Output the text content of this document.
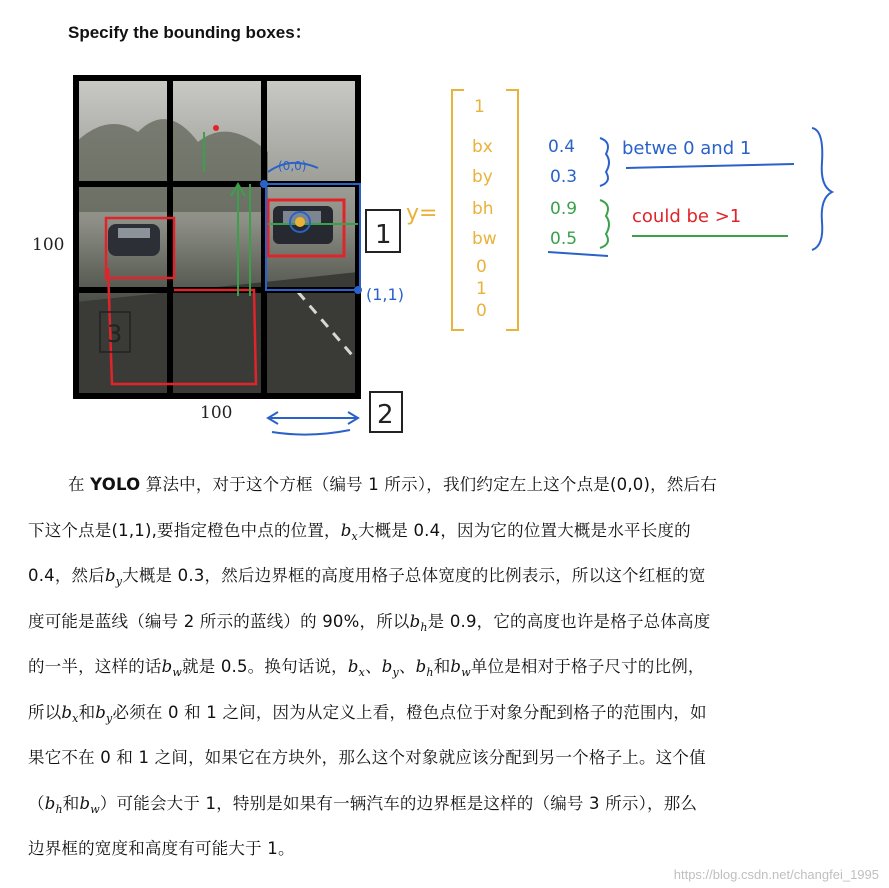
Specify the bounding boxes：
(0,0)
(1,1)
100
100
1
2
3
y=
1
bx
by
bh
bw
0
1
0
0.4
0.3
0.9
0.5
betwe 0 and 1
could be >1
在 YOLO 算法中，对于这个方框（编号 1 所示），我们约定左上这个点是(0,0)，然后右
下这个点是(1,1),要指定橙色中点的位置，$b_x$大概是 0.4，因为它的位置大概是水平长度的
0.4，然后$b_y$大概是 0.3，然后边界框的高度用格子总体宽度的比例表示，所以这个红框的宽
度可能是蓝线（编号 2 所示的蓝线）的 90%，所以$b_h$是 0.9，它的高度也许是格子总体高度
的一半，这样的话$b_w$就是 0.5。换句话说，$b_x$、$b_y$、$b_h$和$b_w$单位是相对于格子尺寸的比例，
所以$b_x$和$b_y$必须在 0 和 1 之间，因为从定义上看，橙色点位于对象分配到格子的范围内，如
果它不在 0 和 1 之间，如果它在方块外，那么这个对象就应该分配到另一个格子上。这个值
（$b_h$和$b_w$）可能会大于 1，特别是如果有一辆汽车的边界框是这样的（编号 3 所示），那么
边界框的宽度和高度有可能大于 1。
https://blog.csdn.net/changfei_1995
